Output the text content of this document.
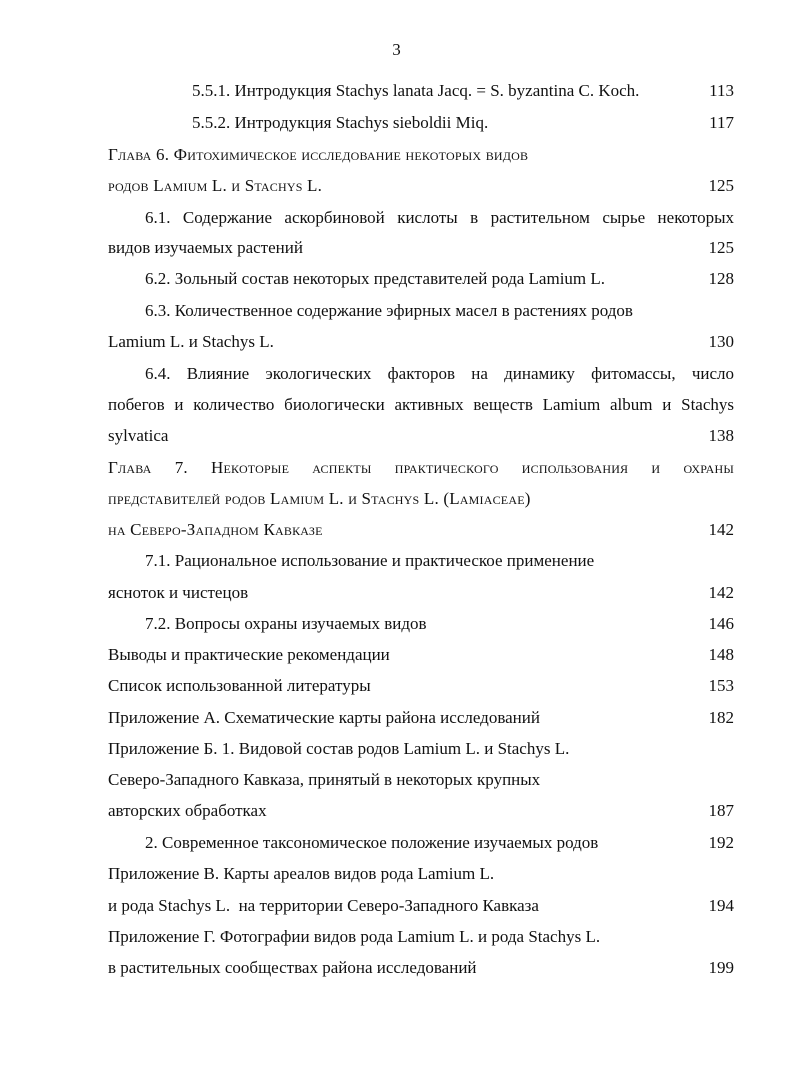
3
5.5.1. Интродукция Stachys lanata Jacq. = S. byzantina C. Koch.	113
5.5.2. Интродукция Stachys sieboldii Miq.	117
Глава 6. Фитохимическое исследование некоторых видов
родов Lamium L. и Stachys L.	125
6.1. Содержание аскорбиновой кислоты в растительном сырье некоторых
видов изучаемых растений	125
6.2. Зольный состав некоторых представителей рода Lamium L.	128
6.3. Количественное содержание эфирных масел в растениях родов
Lamium L. и Stachys L.	130
6.4. Влияние экологических факторов на динамику фитомассы, число
побегов и количество биологически активных веществ Lamium album и Stachys
sylvatica	138
Глава 7. Некоторые аспекты практического использования и охраны
представителей родов Lamium L. и Stachys L. (Lamiaceae)
на Северо-Западном Кавказе	142
7.1. Рациональное использование и практическое применение
ясноток и чистецов	142
7.2. Вопросы охраны изучаемых видов	146
Выводы и практические рекомендации	148
Список использованной литературы	153
Приложение А. Схематические карты района исследований	182
Приложение Б. 1. Видовой состав родов Lamium L. и Stachys L.
Северо-Западного Кавказа, принятый в некоторых крупных
авторских обработках	187
2. Современное таксономическое положение изучаемых родов	192
Приложение В. Карты ареалов видов рода Lamium L.
и рода Stachys L.  на территории Северо-Западного Кавказа	194
Приложение Г. Фотографии видов рода Lamium L. и рода Stachys L.
в растительных сообществах района исследований	199
